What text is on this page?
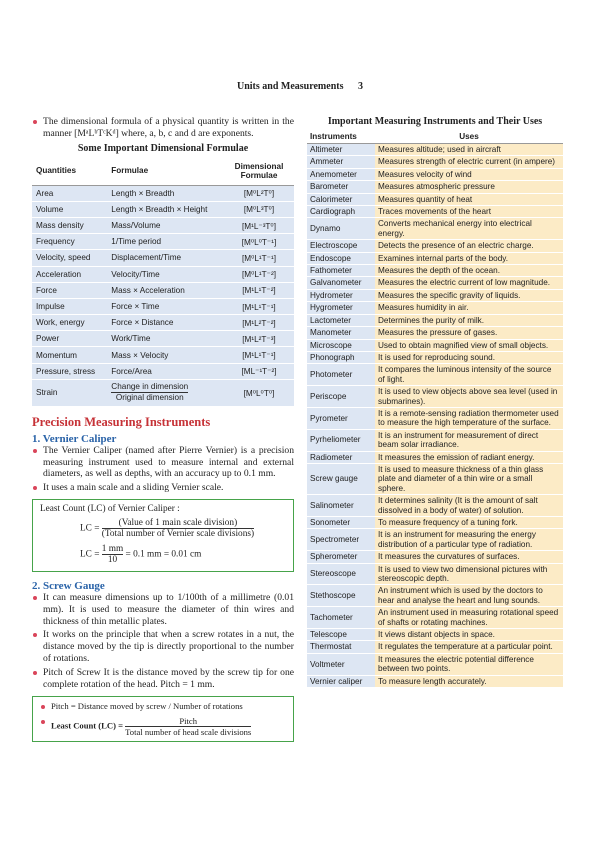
Units and Measurements 3
The dimensional formula of a physical quantity is written in the manner [MᵃLᵇTᶜKᵈ] where, a, b, c and d are exponents.
Some Important Dimensional Formulae
Quantities	Formulae	Dimensional Formulae
Area	Length × Breadth	[M⁰L²T⁰]
Volume	Length × Breadth × Height	[M⁰L³T⁰]
Mass density	Mass/Volume	[M¹L⁻³T⁰]
Frequency	1/Time period	[M⁰L⁰T⁻¹]
Velocity, speed	Displacement/Time	[M⁰L¹T⁻¹]
Acceleration	Velocity/Time	[M⁰L¹T⁻²]
Force	Mass × Acceleration	[M¹L¹T⁻²]
Impulse	Force × Time	[M¹L¹T⁻¹]
Work, energy	Force × Distance	[M¹L²T⁻²]
Power	Work/Time	[M¹L²T⁻³]
Momentum	Mass × Velocity	[M¹L¹T⁻¹]
Pressure, stress	Force/Area	[ML⁻¹T⁻²]
Strain	$\frac{\text{Change in dimension}}{\text{Original dimension}}$	[M⁰L⁰T⁰]
Precision Measuring Instruments
1. Vernier Caliper
The Vernier Caliper (named after Pierre Vernier) is a precision measuring instrument used to measure internal and external diameters, as well as depths, with an accuracy up to 0.1 mm.
It uses a main scale and a sliding Vernier scale.
Least Count (LC) of Vernier Caliper :
LC = $\frac{\text{(Value of 1 main scale division)}}{\text{(Total number of Vernier scale divisions)}}$
LC = $\frac{1 mm}{10} = 0.1$ mm = 0.01 cm
2. Screw Gauge
It can measure dimensions up to 1/100th of a millimetre (0.01 mm). It is used to measure the diameter of thin wires and thickness of thin metallic plates.
It works on the principle that when a screw rotates in a nut, the distance moved by the tip is directly proportional to the number of rotations.
Pitch of Screw It is the distance moved by the screw tip for one complete rotation of the head. Pitch = 1 mm.
Pitch = Distance moved by screw / Number of rotations
Least Count $(LC) = \frac{\text{Pitch}}{\text{Total number of head scale divisions}}$
Important Measuring Instruments and Their Uses
Instruments	Uses
Altimeter	Measures altitude; used in aircraft
Ammeter	Measures strength of electric current (in ampere)
Anemometer	Measures velocity of wind
Barometer	Measures atmospheric pressure
Calorimeter	Measures quantity of heat
Cardiograph	Traces movements of the heart
Dynamo	Converts mechanical energy into electrical energy.
Electroscope	Detects the presence of an electric charge.
Endoscope	Examines internal parts of the body.
Fathometer	Measures the depth of the ocean.
Galvanometer	Measures the electric current of low magnitude.
Hydrometer	Measures the specific gravity of liquids.
Hygrometer	Measures humidity in air.
Lactometer	Determines the purity of milk.
Manometer	Measures the pressure of gases.
Microscope	Used to obtain magnified view of small objects.
Phonograph	It is used for reproducing sound.
Photometer	It compares the luminous intensity of the source of light.
Periscope	It is used to view objects above sea level (used in submarines).
Pyrometer	It is a remote-sensing radiation thermometer used to measure the high temperature of the surface.
Pyrheliometer	It is an instrument for measurement of direct beam solar irradiance.
Radiometer	It measures the emission of radiant energy.
Screw gauge	It is used to measure thickness of a thin glass plate and diameter of a thin wire or a small sphere.
Salinometer	It determines salinity (It is the amount of salt dissolved in a body of water) of solution.
Sonometer	To measure frequency of a tuning fork.
Spectrometer	It is an instrument for measuring the energy distribution of a particular type of radiation.
Spherometer	It measures the curvatures of surfaces.
Stereoscope	It is used to view two dimensional pictures with stereoscopic depth.
Stethoscope	An instrument which is used by the doctors to hear and analyse the heart and lung sounds.
Tachometer	An instrument used in measuring rotational speed of shafts or rotating machines.
Telescope	It views distant objects in space.
Thermostat	It regulates the temperature at a particular point.
Voltmeter	It measures the electric potential difference between two points.
Vernier caliper	To measure length accurately.
